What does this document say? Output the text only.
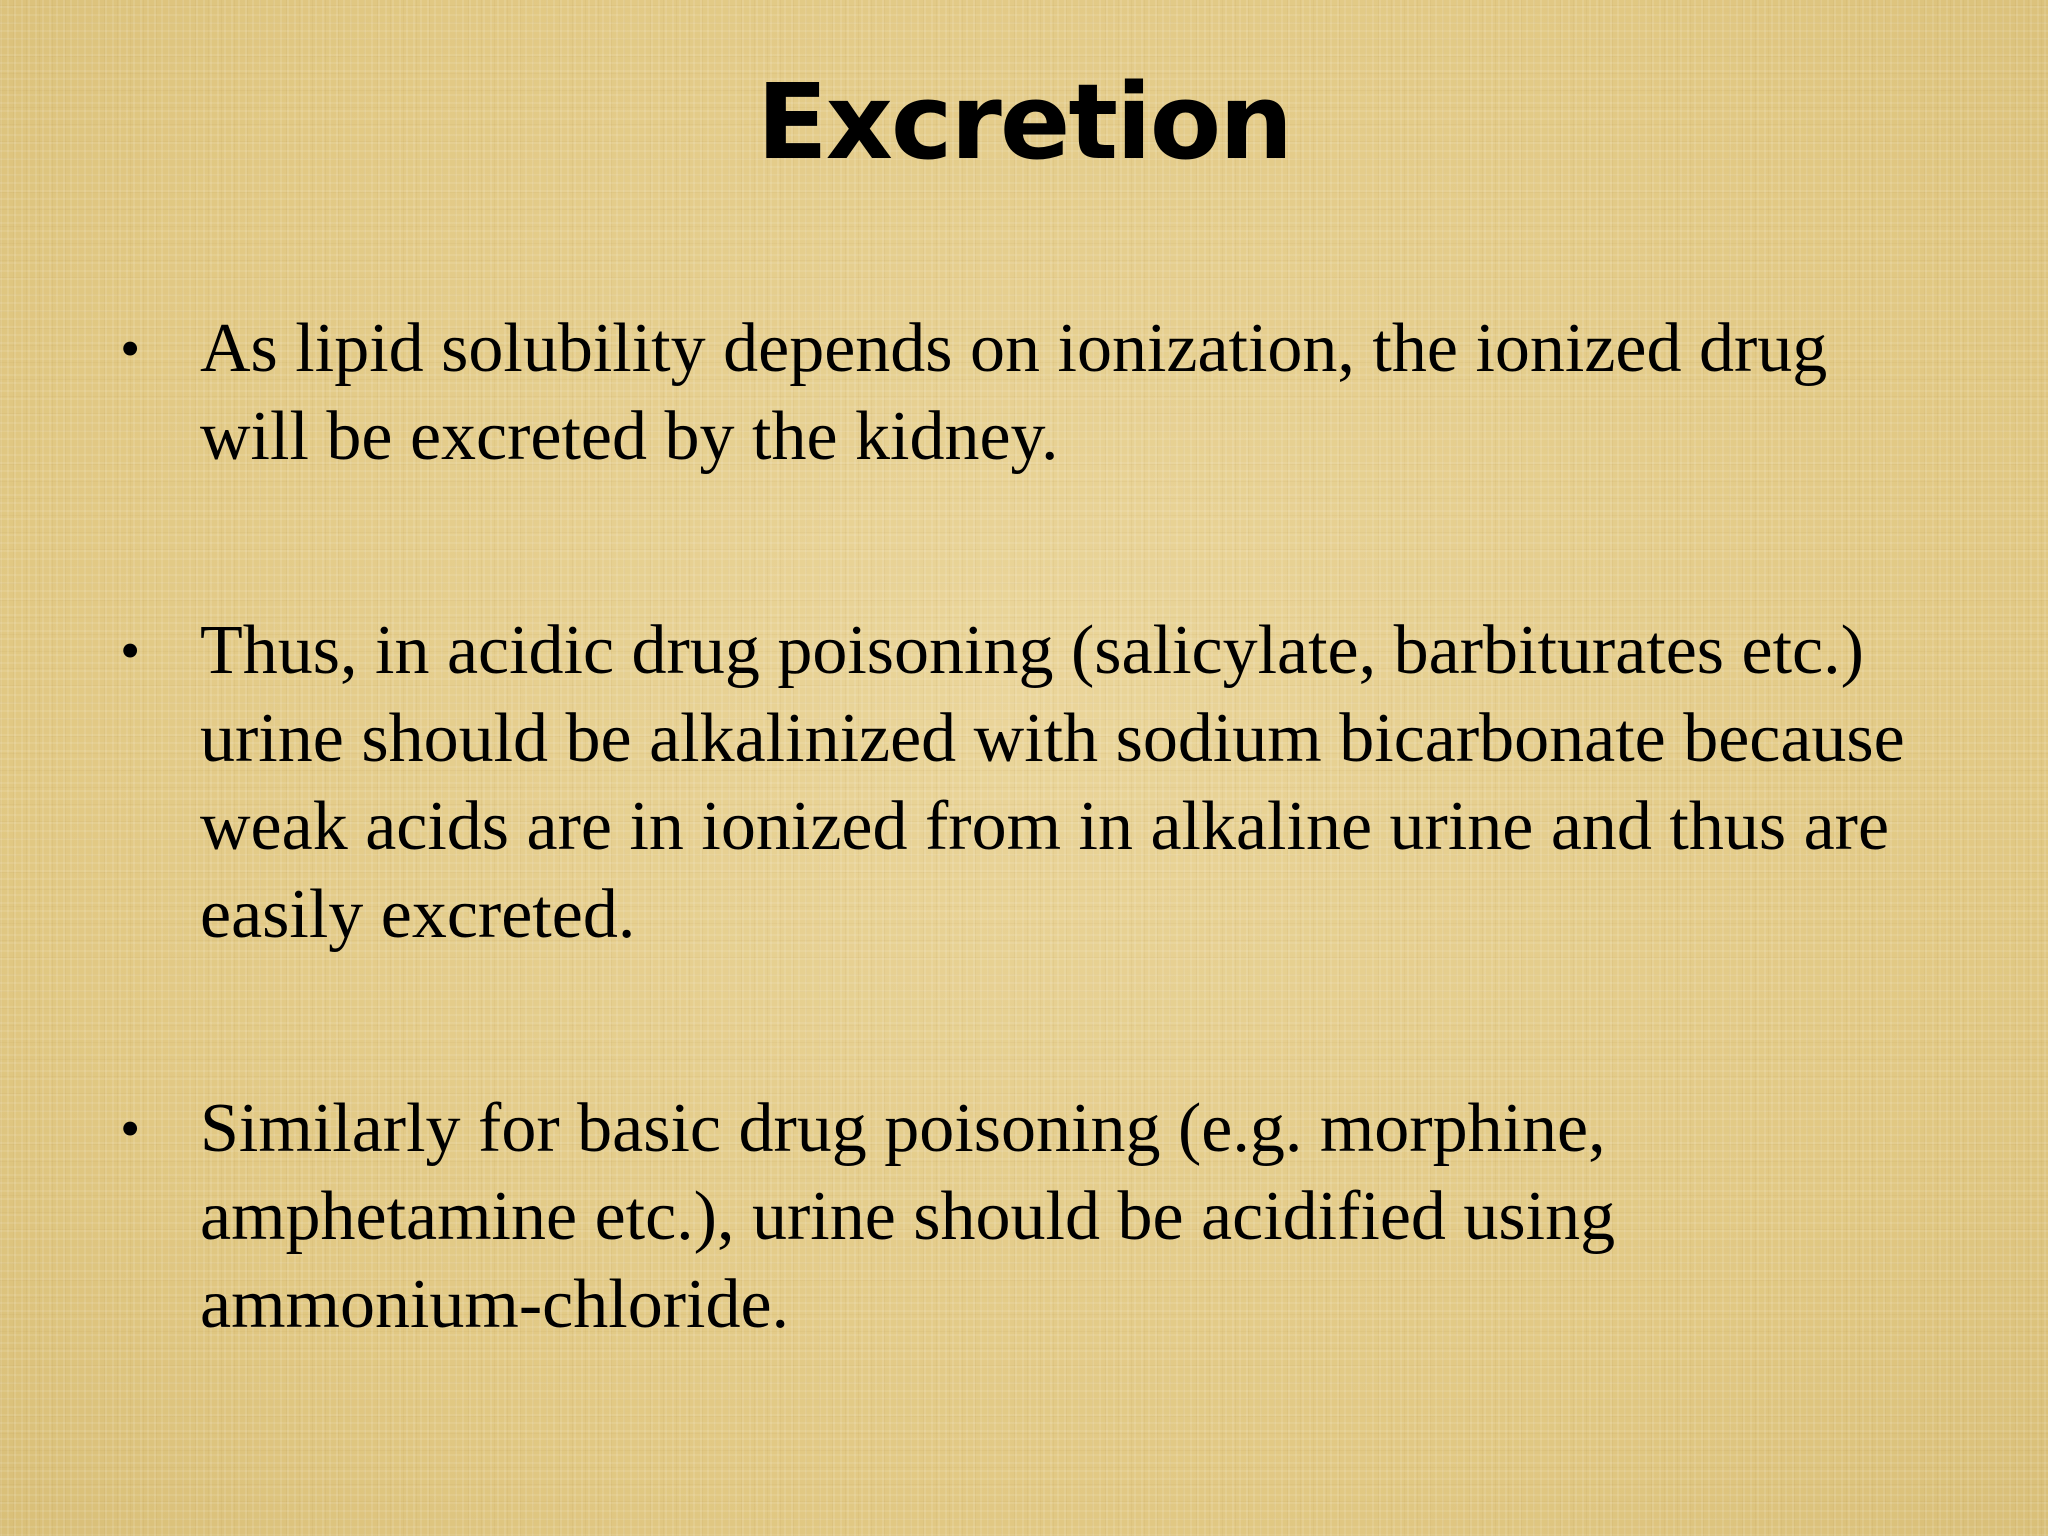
Excretion
• As lipid solubility depends on ionization, the ionized drug will be excreted by the kidney.
• Thus, in acidic drug poisoning (salicylate, barbiturates etc.) urine should be alkalinized with sodium bicarbonate because weak acids are in ionized from in alkaline urine and thus are easily excreted.
• Similarly for basic drug poisoning (e.g. morphine, amphetamine etc.), urine should be acidified using ammonium-chloride.
